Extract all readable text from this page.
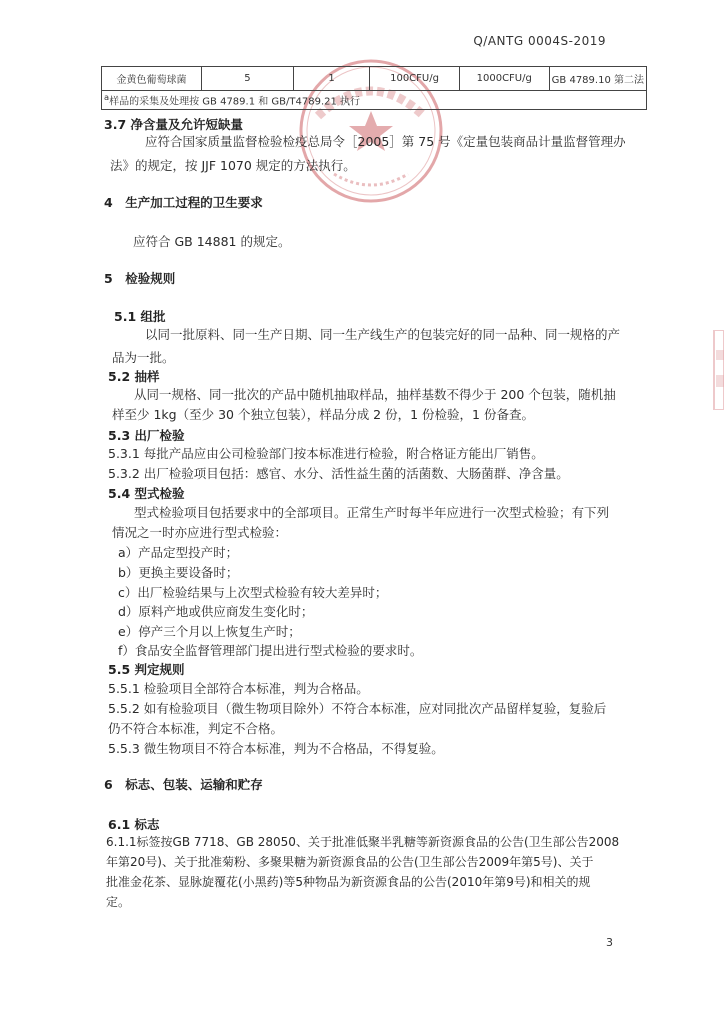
Q/ANTG 0004S-2019
金黄色葡萄球菌	5	1	100CFU/g	1000CFU/g	GB 4789.10 第二法
$^a$样品的采集及处理按 GB 4789.1 和 GB/T4789.21 执行
3.7 净含量及允许短缺量
应符合国家质量监督检验检疫总局令［2005］第 75 号《定量包装商品计量监督管理办
法》的规定，按 JJF 1070 规定的方法执行。
4　生产加工过程的卫生要求
应符合 GB 14881 的规定。
5　检验规则
5.1 组批
以同一批原料、同一生产日期、同一生产线生产的包装完好的同一品种、同一规格的产
品为一批。
5.2 抽样
从同一规格、同一批次的产品中随机抽取样品，抽样基数不得少于 200 个包装，随机抽
样至少 1kg（至少 30 个独立包装），样品分成 2 份，1 份检验，1 份备查。
5.3 出厂检验
5.3.1 每批产品应由公司检验部门按本标准进行检验，附合格证方能出厂销售。
5.3.2 出厂检验项目包括：感官、水分、活性益生菌的活菌数、大肠菌群、净含量。
5.4 型式检验
型式检验项目包括要求中的全部项目。正常生产时每半年应进行一次型式检验；有下列
情况之一时亦应进行型式检验：
a）产品定型投产时；
b）更换主要设备时；
c）出厂检验结果与上次型式检验有较大差异时；
d）原料产地或供应商发生变化时；
e）停产三个月以上恢复生产时；
f）食品安全监督管理部门提出进行型式检验的要求时。
5.5 判定规则
5.5.1 检验项目全部符合本标准，判为合格品。
5.5.2 如有检验项目（微生物项目除外）不符合本标准，应对同批次产品留样复验，复验后
仍不符合本标准，判定不合格。
5.5.3 微生物项目不符合本标准，判为不合格品，不得复验。
6　标志、包装、运输和贮存
6.1 标志
6.1.1标签按GB 7718、GB 28050、关于批准低聚半乳糖等新资源食品的公告(卫生部公告2008
年第20号)、关于批准菊粉、多聚果糖为新资源食品的公告(卫生部公告2009年第5号)、关于
批准金花茶、显脉旋覆花(小黑药)等5种物品为新资源食品的公告(2010年第9号)和相关的规
定。
3
